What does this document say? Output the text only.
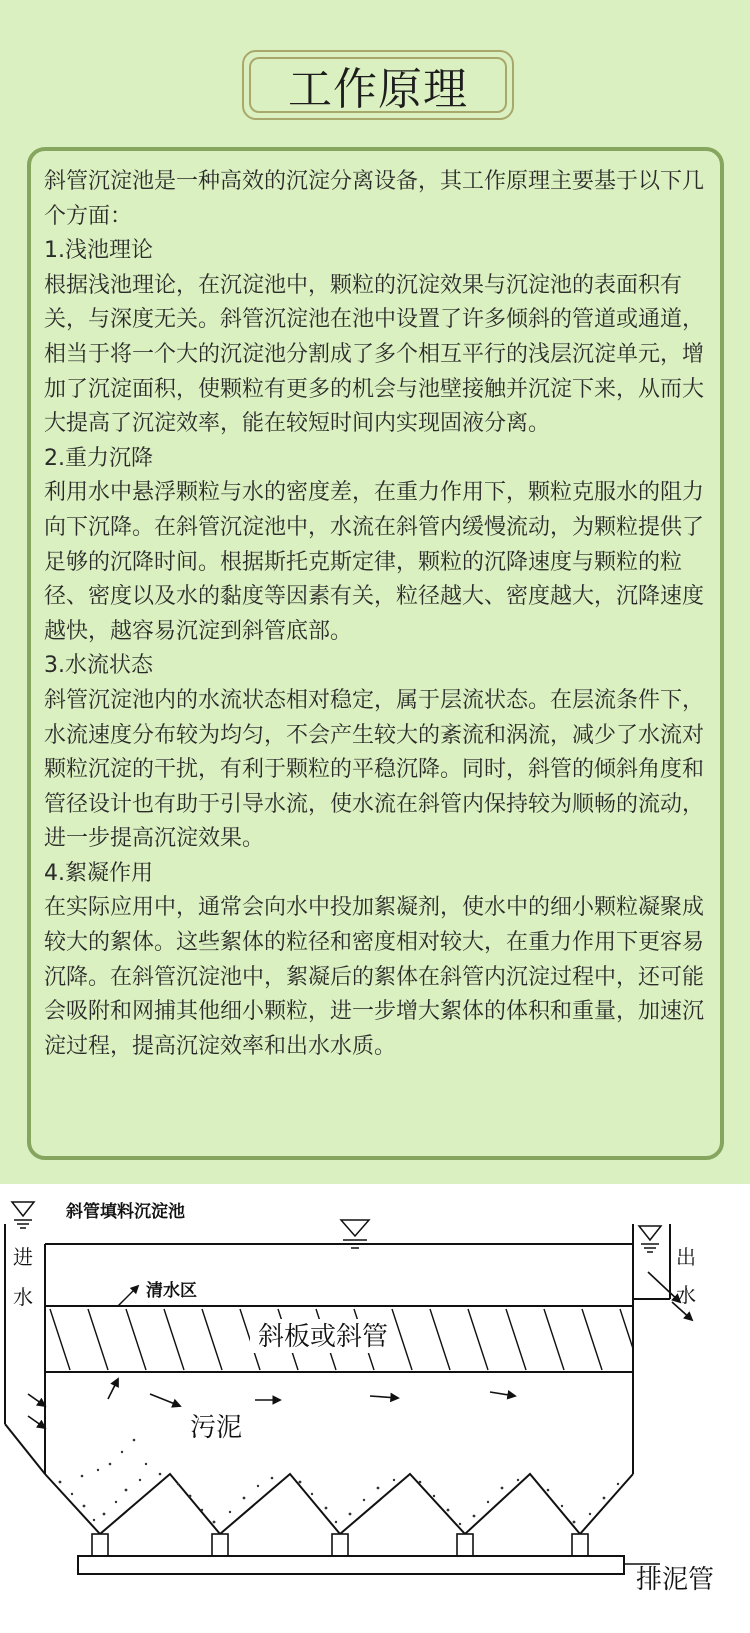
工作原理

斜管沉淀池是一种高效的沉淀分离设备，其工作原理主要基于以下几个方面：

1.浅池理论

根据浅池理论，在沉淀池中，颗粒的沉淀效果与沉淀池的表面积有关，与深度无关。斜管沉淀池在池中设置了许多倾斜的管道或通道，相当于将一个大的沉淀池分割成了多个相互平行的浅层沉淀单元，增加了沉淀面积，使颗粒有更多的机会与池壁接触并沉淀下来，从而大大提高了沉淀效率，能在较短时间内实现固液分离。

2.重力沉降

利用水中悬浮颗粒与水的密度差，在重力作用下，颗粒克服水的阻力向下沉降。在斜管沉淀池中，水流在斜管内缓慢流动，为颗粒提供了足够的沉降时间。根据斯托克斯定律，颗粒的沉降速度与颗粒的粒径、密度以及水的黏度等因素有关，粒径越大、密度越大，沉降速度越快，越容易沉淀到斜管底部。

3.水流状态

斜管沉淀池内的水流状态相对稳定，属于层流状态。在层流条件下，水流速度分布较为均匀，不会产生较大的紊流和涡流，减少了水流对颗粒沉淀的干扰，有利于颗粒的平稳沉降。同时，斜管的倾斜角度和管径设计也有助于引导水流，使水流在斜管内保持较为顺畅的流动，进一步提高沉淀效果。

4.絮凝作用

在实际应用中，通常会向水中投加絮凝剂，使水中的细小颗粒凝聚成较大的絮体。这些絮体的粒径和密度相对较大，在重力作用下更容易沉降。在斜管沉淀池中，絮凝后的絮体在斜管内沉淀过程中，还可能会吸附和网捕其他细小颗粒，进一步增大絮体的体积和重量，加速沉淀过程，提高沉淀效率和出水水质。

斜管填料沉淀池
进
水
出
水
斜板或斜管
清水区
污泥
排泥管
